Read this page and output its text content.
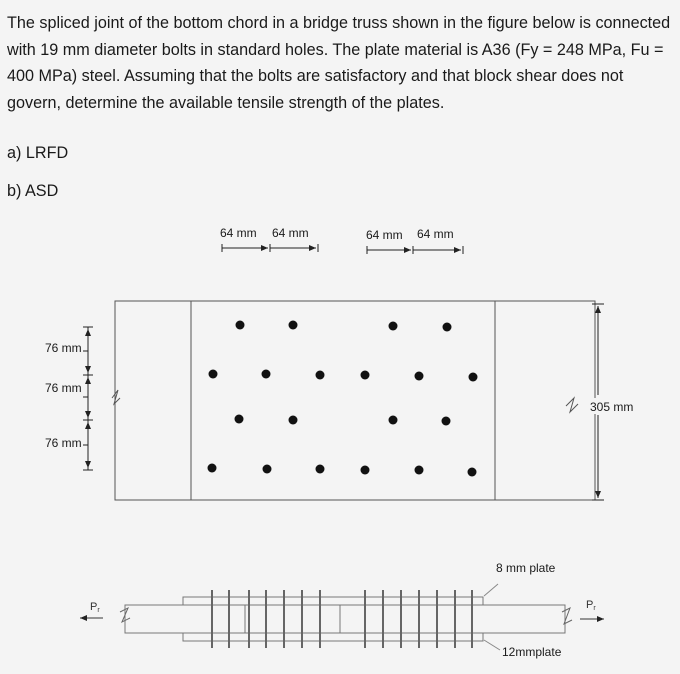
The spliced joint of the bottom chord in a bridge truss shown in the figure below is connected with 19 mm diameter bolts in standard holes. The plate material is A36 (Fy = 248 MPa, Fu = 400 MPa) steel. Assuming that the bolts are satisfactory and that block shear does not govern, determine the available tensile strength of the plates.

a) LRFD
b) ASD
64 mm 64 mm	64 mm 64 mm
76 mm
76 mm
76 mm
305 mm
8 mm plate
12mmplate
Pr	Pr
